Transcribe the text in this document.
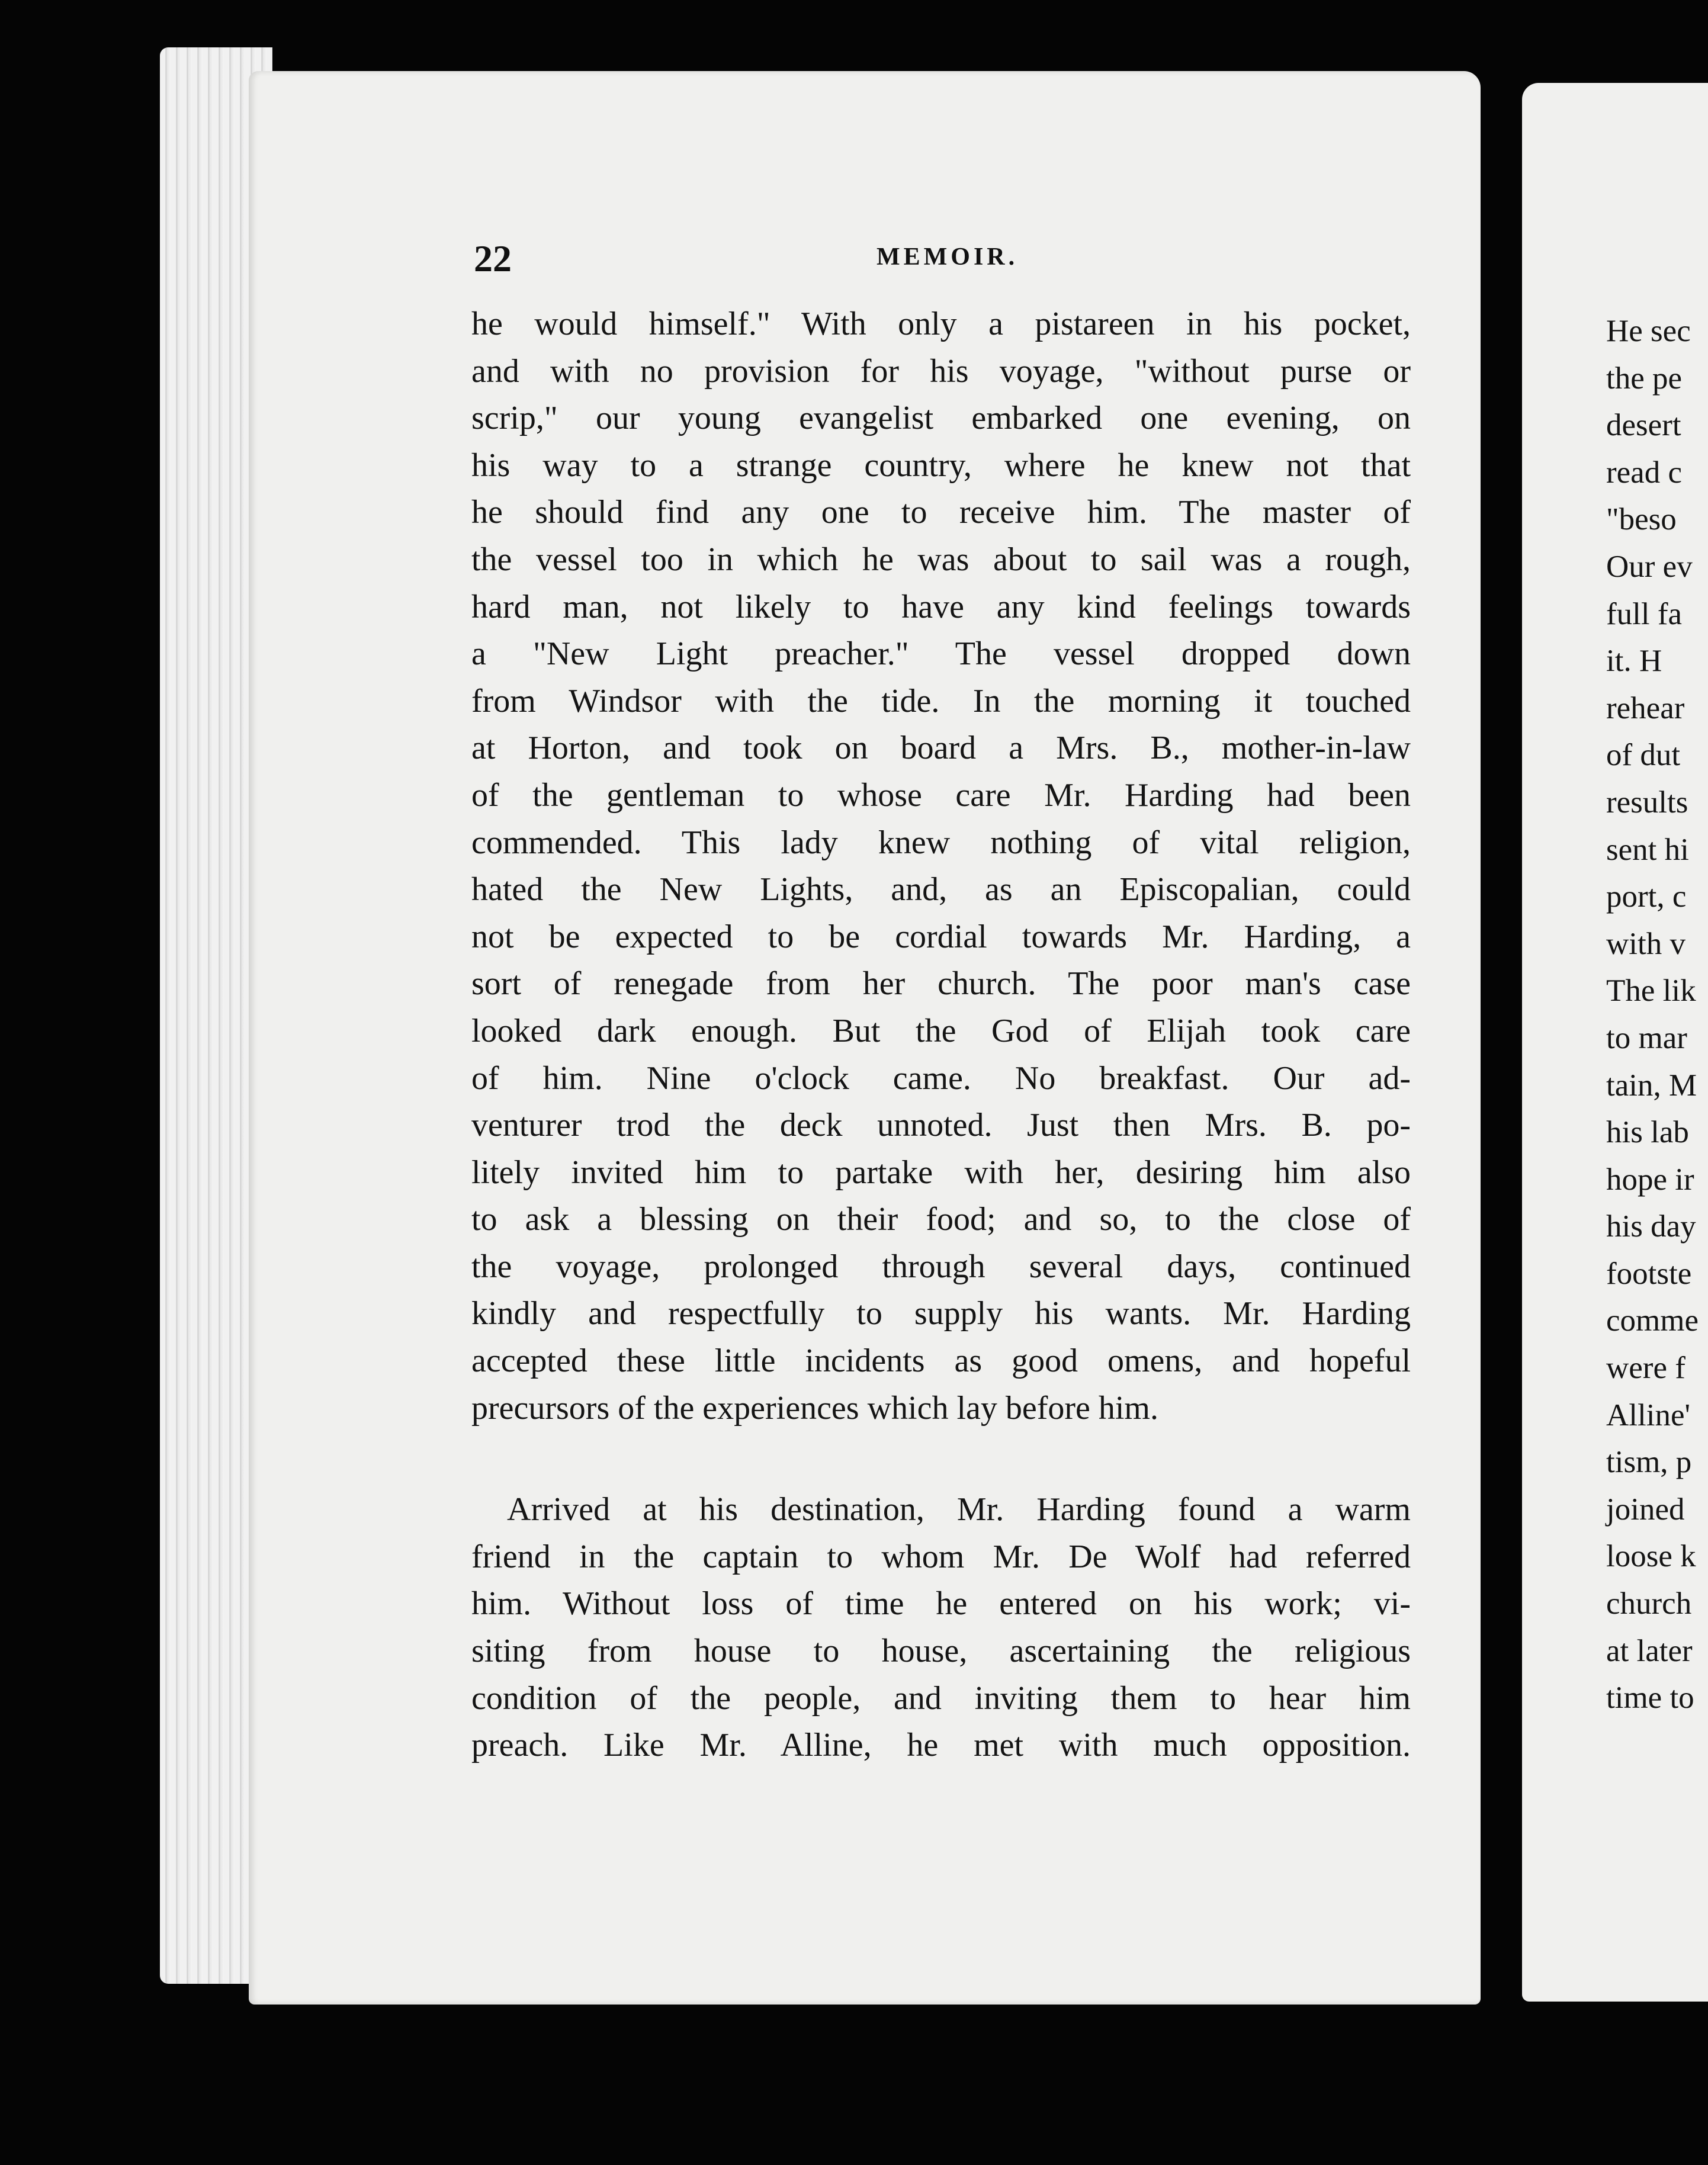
He sec
the pe
desert
read c
"beso
Our ev
full fa
it. H
rehear
of dut
results
sent hi
port, c
with v
The lik
to mar
tain, M
his lab
hope ir
his day
footste
comme
were f
Alline'
tism, p
joined
loose k
church
at later
time to
22	MEMOIR.
he would himself." With only a pistareen in his pocket,
and with no provision for his voyage, "without purse or
scrip," our young evangelist embarked one evening, on
his way to a strange country, where he knew not that
he should find any one to receive him. The master of
the vessel too in which he was about to sail was a rough,
hard man, not likely to have any kind feelings towards
a "New Light preacher." The vessel dropped down
from Windsor with the tide. In the morning it touched
at Horton, and took on board a Mrs. B., mother-in-law
of the gentleman to whose care Mr. Harding had been
commended. This lady knew nothing of vital religion,
hated the New Lights, and, as an Episcopalian, could
not be expected to be cordial towards Mr. Harding, a
sort of renegade from her church. The poor man's case
looked dark enough. But the God of Elijah took care
of him. Nine o'clock came. No breakfast. Our ad-
venturer trod the deck unnoted. Just then Mrs. B. po-
litely invited him to partake with her, desiring him also
to ask a blessing on their food; and so, to the close of
the voyage, prolonged through several days, continued
kindly and respectfully to supply his wants. Mr. Harding
accepted these little incidents as good omens, and hopeful
precursors of the experiences which lay before him.
Arrived at his destination, Mr. Harding found a warm
friend in the captain to whom Mr. De Wolf had referred
him. Without loss of time he entered on his work; vi-
siting from house to house, ascertaining the religious
condition of the people, and inviting them to hear him
preach. Like Mr. Alline, he met with much opposition.
